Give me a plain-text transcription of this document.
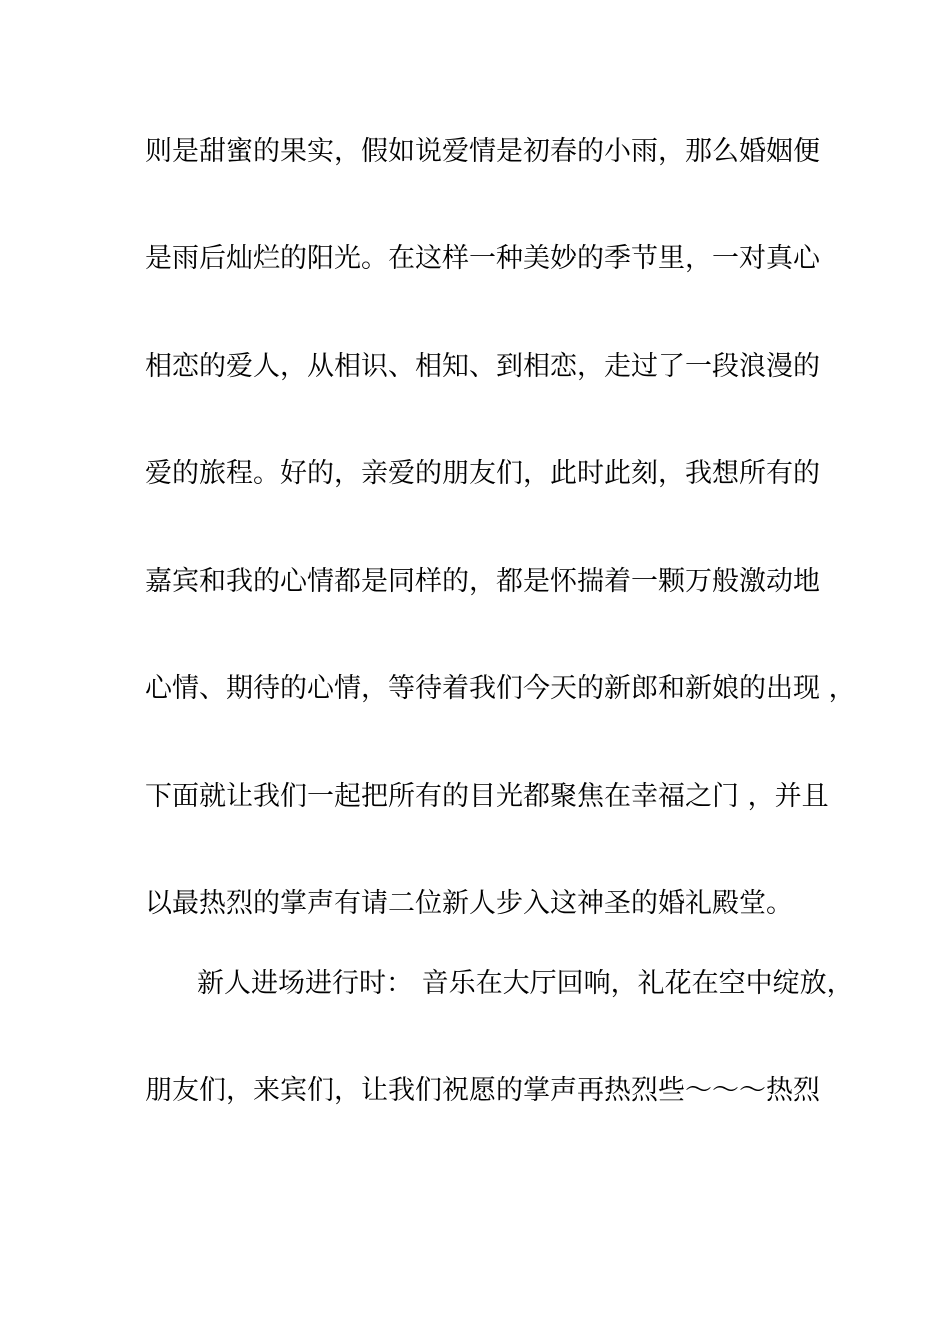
则是甜蜜的果实，假如说爱情是初春的小雨，那么婚姻便
是雨后灿烂的阳光。在这样一种美妙的季节里，一对真心
相恋的爱人，从相识、相知、到相恋，走过了一段浪漫的
爱的旅程。好的，亲爱的朋友们，此时此刻，我想所有的
嘉宾和我的心情都是同样的，都是怀揣着一颗万般激动地
心情、期待的心情，等待着我们今天的新郎和新娘的出现 ，
下面就让我们一起把所有的目光都聚焦在幸福之门 ，并且
以最热烈的掌声有请二位新人步入这神圣的婚礼殿堂。
新人进场进行时： 音乐在大厅回响，礼花在空中绽放，
朋友们，来宾们，让我们祝愿的掌声再热烈些～～～热烈
